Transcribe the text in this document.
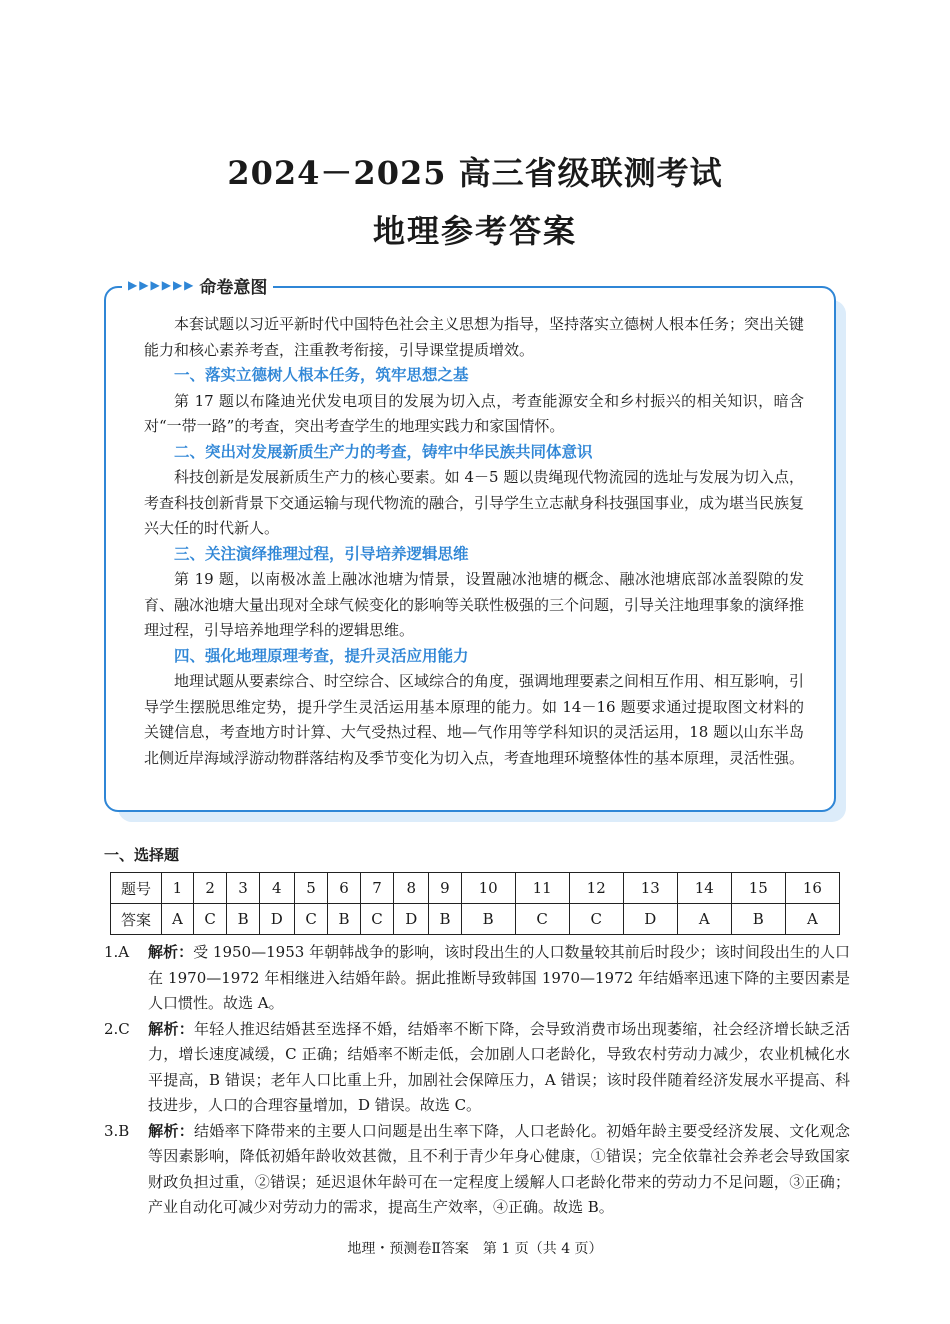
2024－2025 高三省级联测考试
地理参考答案
▶ ▶ ▶ ▶ ▶ ▶ 命卷意图

本套试题以习近平新时代中国特色社会主义思想为指导，坚持落实立德树人根本任务；突出关键能力和核心素养考查，注重教考衔接，引导课堂提质增效。

一、落实立德树人根本任务，筑牢思想之基

第 17 题以布隆迪光伏发电项目的发展为切入点，考查能源安全和乡村振兴的相关知识，暗含对“一带一路”的考查，突出考查学生的地理实践力和家国情怀。

二、突出对发展新质生产力的考查，铸牢中华民族共同体意识

科技创新是发展新质生产力的核心要素。如 4－5 题以贵绳现代物流园的选址与发展为切入点，考查科技创新背景下交通运输与现代物流的融合，引导学生立志献身科技强国事业，成为堪当民族复兴大任的时代新人。

三、关注演绎推理过程，引导培养逻辑思维

第 19 题，以南极冰盖上融冰池塘为情景，设置融冰池塘的概念、融冰池塘底部冰盖裂隙的发育、融冰池塘大量出现对全球气候变化的影响等关联性极强的三个问题，引导关注地理事象的演绎推理过程，引导培养地理学科的逻辑思维。

四、强化地理原理考查，提升灵活应用能力

地理试题从要素综合、时空综合、区域综合的角度，强调地理要素之间相互作用、相互影响，引导学生摆脱思维定势，提升学生灵活运用基本原理的能力。如 14－16 题要求通过提取图文材料的关键信息，考查地方时计算、大气受热过程、地—气作用等学科知识的灵活运用，18 题以山东半岛北侧近岸海域浮游动物群落结构及季节变化为切入点，考查地理环境整体性的基本原理，灵活性强。

一、选择题
题号	1	2	3	4	5	6	7	8	9	10	11	12	13	14	15	16
答案	A	C	B	D	C	B	C	D	B	B	C	C	D	A	B	A

1.A 解析：受 1950—1953 年朝韩战争的影响，该时段出生的人口数量较其前后时段少；该时间段出生的人口在 1970—1972 年相继进入结婚年龄。据此推断导致韩国 1970—1972 年结婚率迅速下降的主要因素是人口惯性。故选 A。

2.C 解析：年轻人推迟结婚甚至选择不婚，结婚率不断下降，会导致消费市场出现萎缩，社会经济增长缺乏活力，增长速度减缓，C 正确；结婚率不断走低，会加剧人口老龄化，导致农村劳动力减少，农业机械化水平提高，B 错误；老年人口比重上升，加剧社会保障压力，A 错误；该时段伴随着经济发展水平提高、科技进步，人口的合理容量增加，D 错误。故选 C。

3.B 解析：结婚率下降带来的主要人口问题是出生率下降，人口老龄化。初婚年龄主要受经济发展、文化观念等因素影响，降低初婚年龄收效甚微，且不利于青少年身心健康，①错误；完全依靠社会养老会导致国家财政负担过重，②错误；延迟退休年龄可在一定程度上缓解人口老龄化带来的劳动力不足问题，③正确；产业自动化可减少对劳动力的需求，提高生产效率，④正确。故选 B。

地理・预测卷Ⅱ答案　第 1 页（共 4 页）
